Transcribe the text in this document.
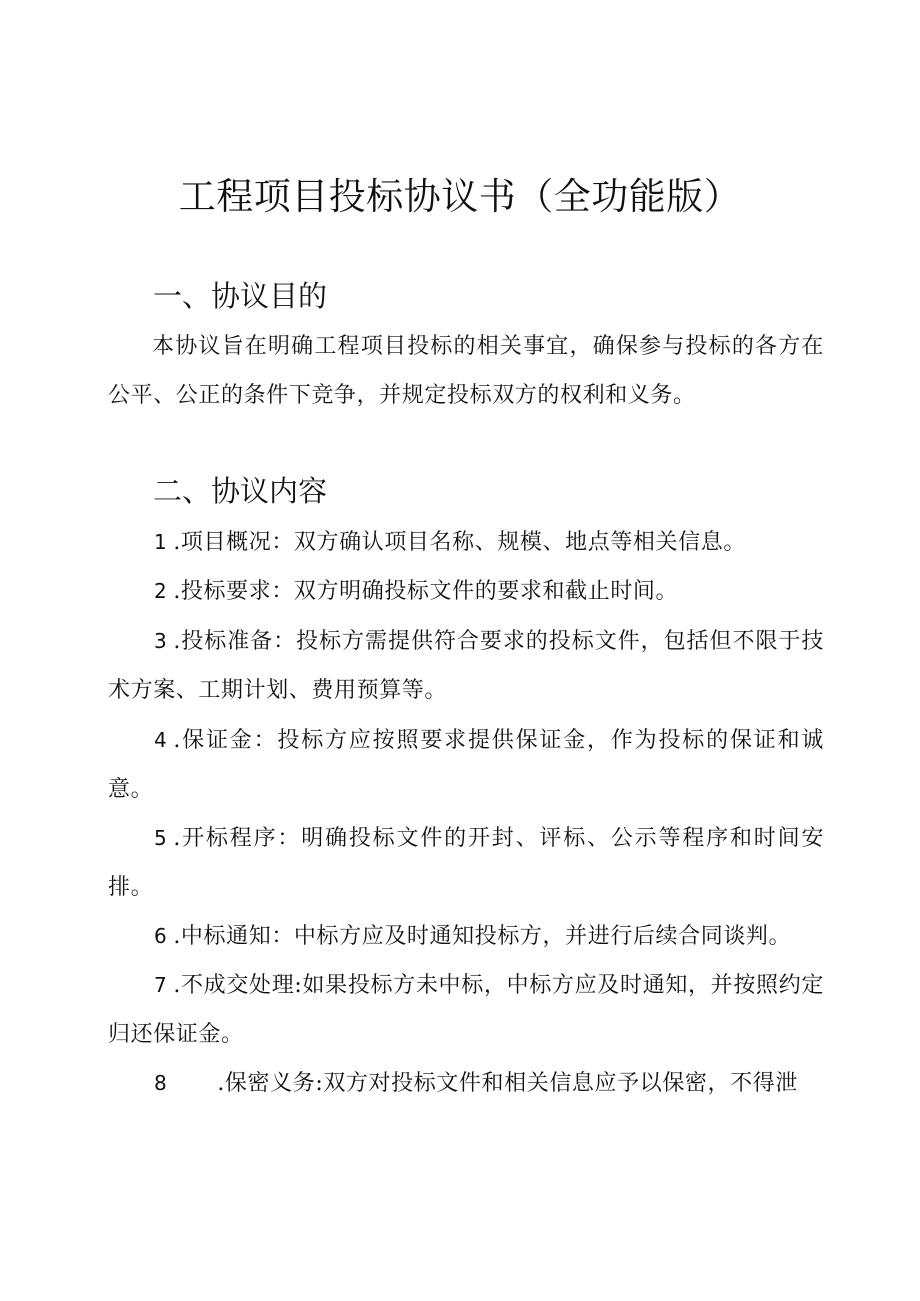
工程项目投标协议书（全功能版）
一、协议目的
本协议旨在明确工程项目投标的相关事宜，确保参与投标的各方在公平、公正的条件下竞争，并规定投标双方的权利和义务。
二、协议内容
1 .项目概况：双方确认项目名称、规模、地点等相关信息。
2 .投标要求：双方明确投标文件的要求和截止时间。
3 .投标准备：投标方需提供符合要求的投标文件，包括但不限于技术方案、工期计划、费用预算等。
4 .保证金：投标方应按照要求提供保证金，作为投标的保证和诚意。
5 .开标程序：明确投标文件的开封、评标、公示等程序和时间安排。
6 .中标通知：中标方应及时通知投标方，并进行后续合同谈判。
7 .不成交处理:如果投标方未中标，中标方应及时通知，并按照约定归还保证金。
8 .保密义务:双方对投标文件和相关信息应予以保密，不得泄
